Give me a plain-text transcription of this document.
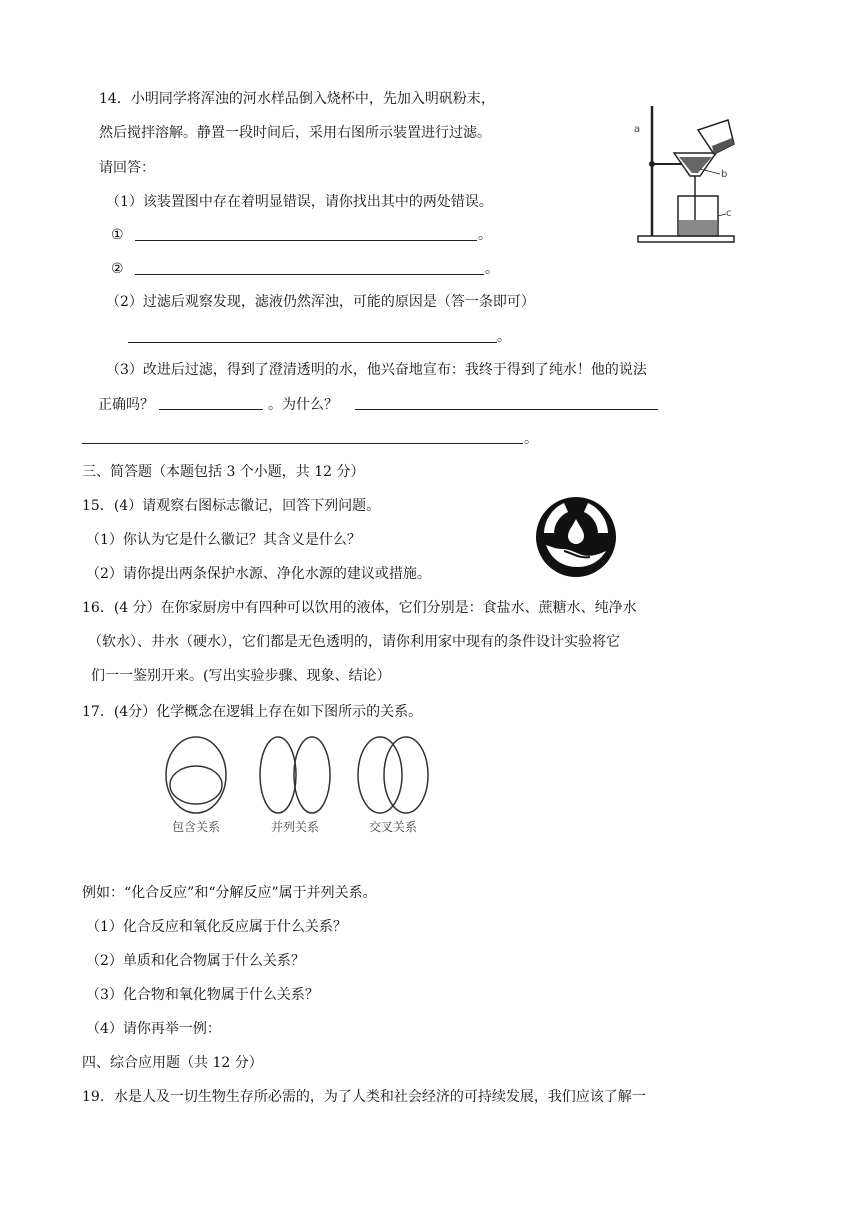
14．小明同学将浑浊的河水样品倒入烧杯中，先加入明矾粉末，
然后搅拌溶解。静置一段时间后，采用右图所示装置进行过滤。
请回答：
（1）该装置图中存在着明显错误，请你找出其中的两处错误。
①	。
②	。
（2）过滤后观察发现，滤液仍然浑浊，可能的原因是（答一条即可）
。
（3）改进后过滤，得到了澄清透明的水，他兴奋地宣布：我终于得到了纯水！他的说法
正确吗？	。为什么？
。
a
b
c
三、简答题（本题包括 3 个小题，共 12 分）
15．(4）请观察右图标志徽记，回答下列问题。
（1）你认为它是什么徽记？其含义是什么？
（2）请你提出两条保护水源、净化水源的建议或措施。
16．(4 分）在你家厨房中有四种可以饮用的液体，它们分别是：食盐水、蔗糖水、纯净水
（软水）、井水（硬水），它们都是无色透明的，请你利用家中现有的条件设计实验将它
们一一鉴别开来。(写出实验步骤、现象、结论）
17．(4分）化学概念在逻辑上存在如下图所示的关系。
包含关系	并列关系	交叉关系
例如：“化合反应”和“分解反应”属于并列关系。
（1）化合反应和氧化反应属于什么关系？
（2）单质和化合物属于什么关系？
（3）化合物和氧化物属于什么关系？
（4）请你再举一例：
四、综合应用题（共 12 分）
19．水是人及一切生物生存所必需的，为了人类和社会经济的可持续发展，我们应该了解一
